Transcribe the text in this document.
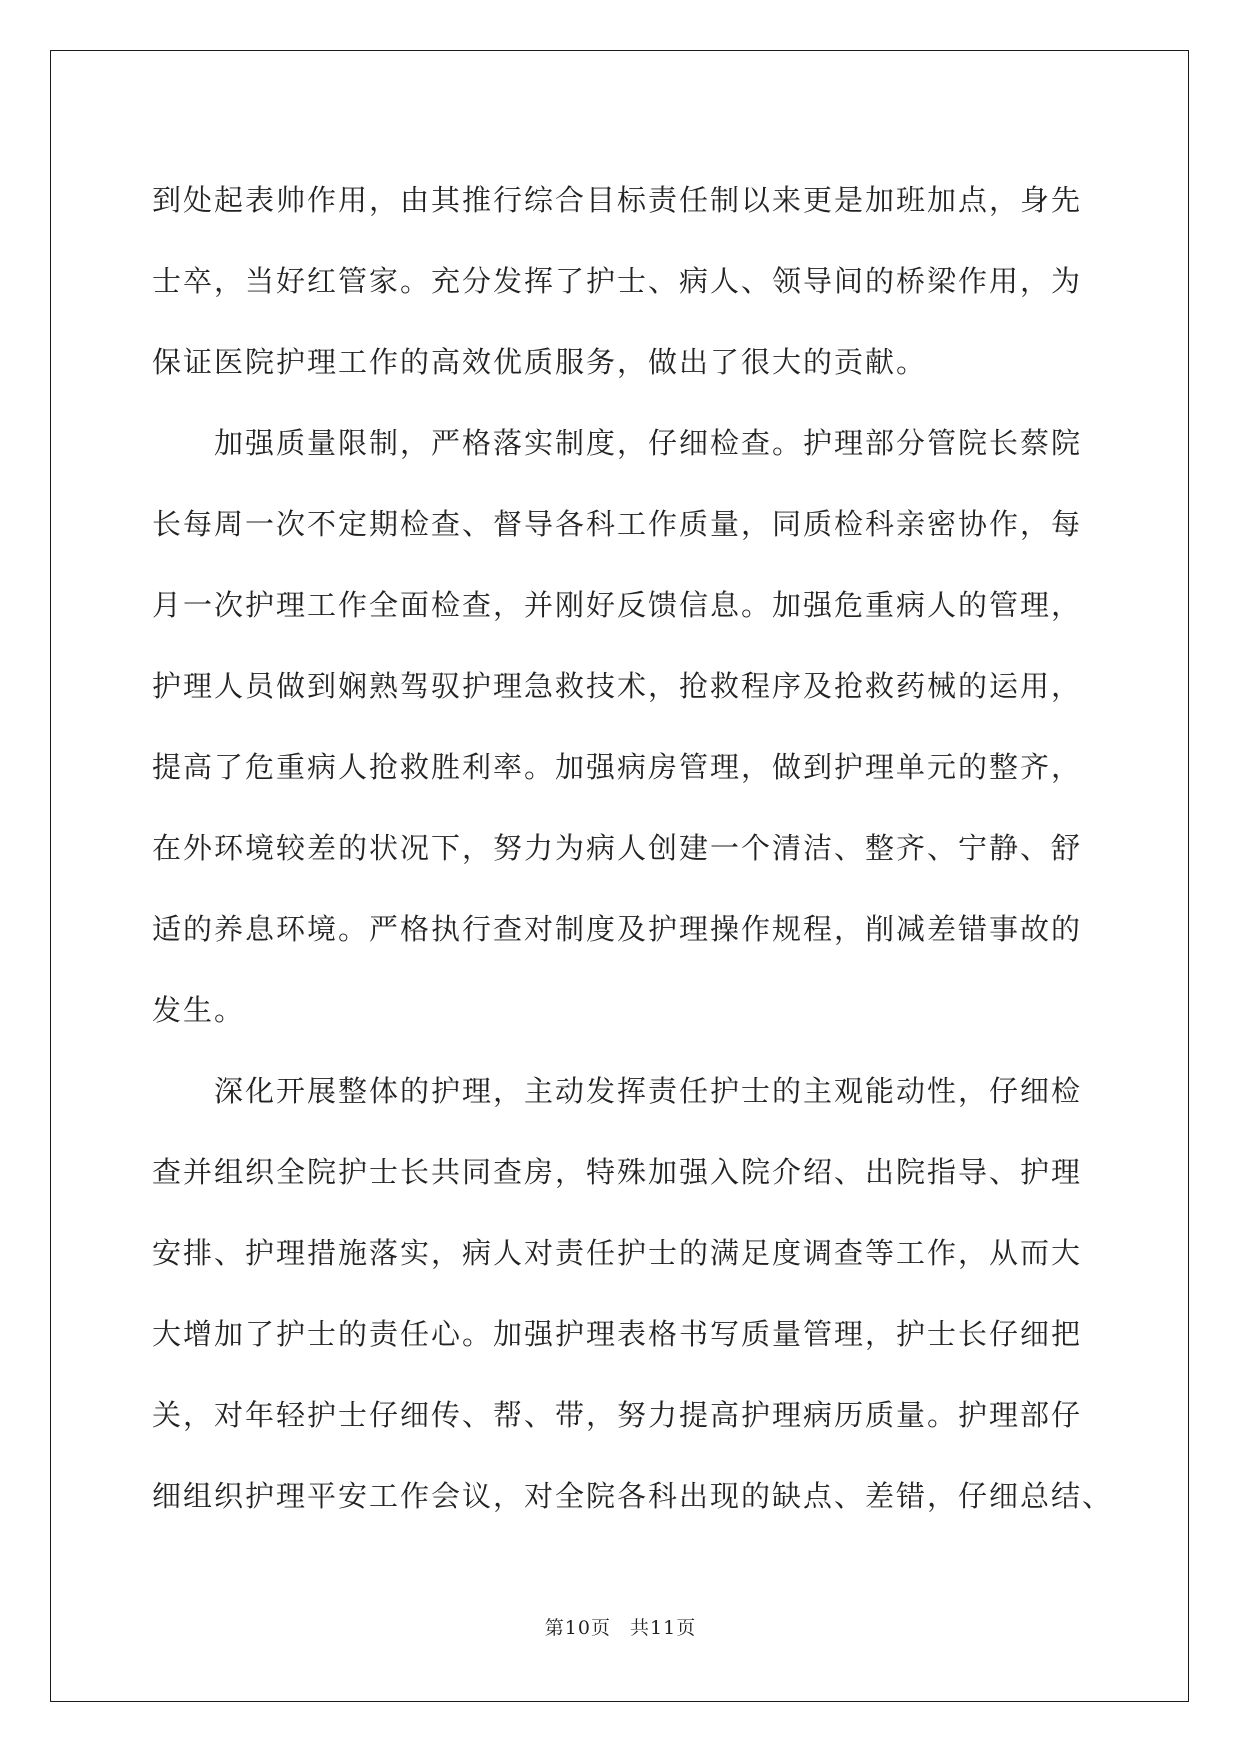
到处起表帅作用，由其推行综合目标责任制以来更是加班加点，身先
士卒，当好红管家。充分发挥了护士、病人、领导间的桥梁作用，为
保证医院护理工作的高效优质服务，做出了很大的贡献。
　　加强质量限制，严格落实制度，仔细检查。护理部分管院长蔡院
长每周一次不定期检查、督导各科工作质量，同质检科亲密协作，每
月一次护理工作全面检查，并刚好反馈信息。加强危重病人的管理，
护理人员做到娴熟驾驭护理急救技术，抢救程序及抢救药械的运用，
提高了危重病人抢救胜利率。加强病房管理，做到护理单元的整齐，
在外环境较差的状况下，努力为病人创建一个清洁、整齐、宁静、舒
适的养息环境。严格执行查对制度及护理操作规程，削减差错事故的
发生。
　　深化开展整体的护理，主动发挥责任护士的主观能动性，仔细检
查并组织全院护士长共同查房，特殊加强入院介绍、出院指导、护理
安排、护理措施落实，病人对责任护士的满足度调查等工作，从而大
大增加了护士的责任心。加强护理表格书写质量管理，护士长仔细把
关，对年轻护士仔细传、帮、带，努力提高护理病历质量。护理部仔
细组织护理平安工作会议，对全院各科出现的缺点、差错，仔细总结、
第10页 共11页
